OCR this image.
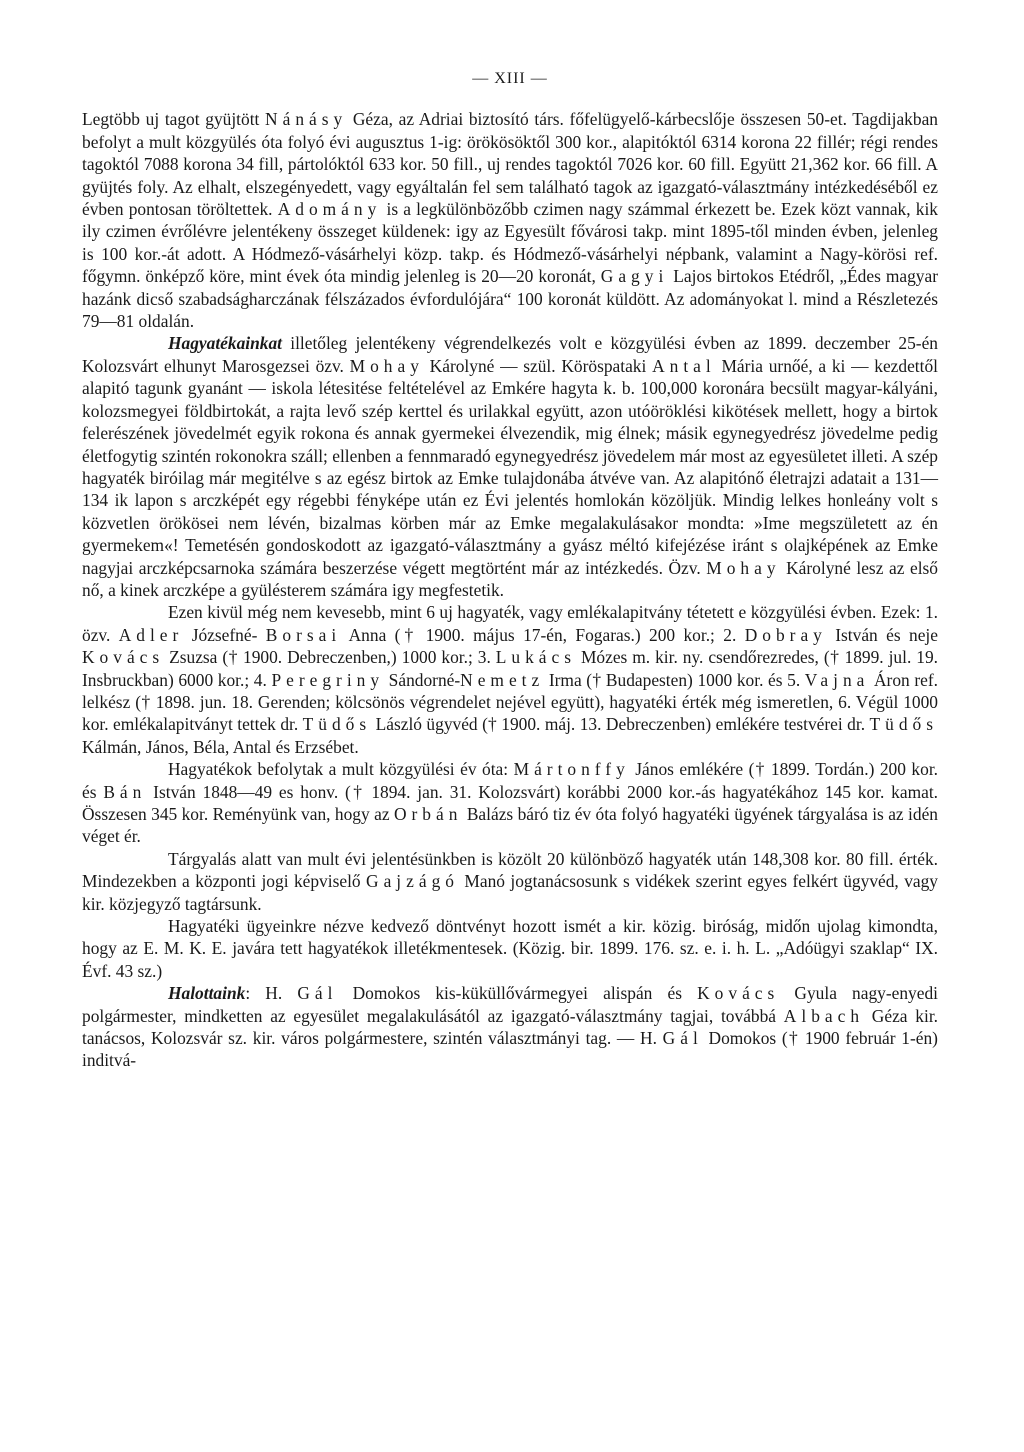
— XIII —

Legtöbb uj tagot gyüjtött Nánásy Géza, az Adriai biztosító társ. főfelügyelő-kárbecslője összesen 50-et. Tagdijakban befolyt a mult közgyülés óta folyó évi augusztus 1-ig: örökösöktől 300 kor., alapitóktól 6314 korona 22 fillér; régi rendes tagoktól 7088 korona 34 fill, pártolóktól 633 kor. 50 fill., uj rendes tagoktól 7026 kor. 60 fill. Együtt 21,362 kor. 66 fill. A gyüjtés foly. Az elhalt, elszegényedett, vagy egyáltalán fel sem található tagok az igazgató-választmány intézkedéséből ez évben pontosan töröltettek. Adomány is a legkülönbözőbb czimen nagy számmal érkezett be. Ezek közt vannak, kik ily czimen évrőlévre jelentékeny összeget küldenek: igy az Egyesült fővárosi takp. mint 1895-től minden évben, jelenleg is 100 kor.-át adott. A Hódmező-vásárhelyi közp. takp. és Hódmező-vásárhelyi népbank, valamint a Nagy-körösi ref. főgymn. önképző köre, mint évek óta mindig jelenleg is 20—20 koronát, Gagyi Lajos birtokos Etédről, „Édes magyar hazánk dicső szabadságharczának félszázados évfordulójára“ 100 koronát küldött. Az adományokat l. mind a Részletezés 79—81 oldalán.

Hagyatékainkat illetőleg jelentékeny végrendelkezés volt e közgyülési évben az 1899. deczember 25-én Kolozsvárt elhunyt Marosgezsei özv. Mohay Károlyné — szül. Köröspataki Antal Mária urnőé, a ki — kezdettől alapitó tagunk gyanánt — iskola létesitése feltételével az Emkére hagyta k. b. 100,000 koronára becsült magyar-kályáni, kolozsmegyei földbirtokát, a rajta levő szép kerttel és urilakkal együtt, azon utóöröklési kikötések mellett, hogy a birtok felerészének jövedelmét egyik rokona és annak gyermekei élvezendik, mig élnek; másik egynegyedrész jövedelme pedig életfogytig szintén rokonokra száll; ellenben a fennmaradó egynegyedrész jövedelem már most az egyesületet illeti. A szép hagyaték biróilag már megitélve s az egész birtok az Emke tulajdonába átvéve van. Az alapitónő életrajzi adatait a 131—134 ik lapon s arczképét egy régebbi fényképe után ez Évi jelentés homlokán közöljük. Mindig lelkes honleány volt s közvetlen örökösei nem lévén, bizalmas körben már az Emke megalakulásakor mondta: »Ime megszületett az én gyermekem«! Temetésén gondoskodott az igazgató-választmány a gyász méltó kifejézése iránt s olajképének az Emke nagyjai arczképcsarnoka számára beszerzése végett megtörtént már az intézkedés. Özv. Mohay Károlyné lesz az első nő, a kinek arczképe a gyülésterem számára igy megfestetik.

Ezen kivül még nem kevesebb, mint 6 uj hagyaték, vagy emlékalapitvány tétetett e közgyülési évben. Ezek: 1. özv. Adler Józsefné- Borsai Anna († 1900. május 17-én, Fogaras.) 200 kor.; 2. Dobray István és neje Kovács Zsuzsa († 1900. Debreczenben,) 1000 kor.; 3. Lukács Mózes m. kir. ny. csendőrezredes, († 1899. jul. 19. Insbruckban) 6000 kor.; 4. Peregriny Sándorné-Nemetz Irma († Budapesten) 1000 kor. és 5. Vajna Áron ref. lelkész († 1898. jun. 18. Gerenden; kölcsönös végrendelet nejével együtt), hagyatéki érték még ismeretlen, 6. Végül 1000 kor. emlékalapitványt tettek dr. Tüdős László ügyvéd († 1900. máj. 13. Debreczenben) emlékére testvérei dr. Tüdős Kálmán, János, Béla, Antal és Erzsébet.

Hagyatékok befolytak a mult közgyülési év óta: Mártonffy János emlékére († 1899. Tordán.) 200 kor. és Bán István 1848—49 es honv. († 1894. jan. 31. Kolozsvárt) korábbi 2000 kor.-ás hagyatékához 145 kor. kamat. Összesen 345 kor. Reményünk van, hogy az Orbán Balázs báró tiz év óta folyó hagyatéki ügyének tárgyalása is az idén véget ér.

Tárgyalás alatt van mult évi jelentésünkben is közölt 20 különböző hagyaték után 148,308 kor. 80 fill. érték. Mindezekben a központi jogi képviselő Gajzágó Manó jogtanácsosunk s vidékek szerint egyes felkért ügyvéd, vagy kir. közjegyző tagtársunk.

Hagyatéki ügyeinkre nézve kedvező döntvényt hozott ismét a kir. közig. biróság, midőn ujolag kimondta, hogy az E. M. K. E. javára tett hagyatékok illetékmentesek. (Közig. bir. 1899. 176. sz. e. i. h. L. „Adóügyi szaklap“ IX. Évf. 43 sz.)

Halottaink: H. Gál Domokos kis-küküllővármegyei alispán és Kovács Gyula nagy-enyedi polgármester, mindketten az egyesület megalakulásától az igazgató-választmány tagjai, továbbá Albach Géza kir. tanácsos, Kolozsvár sz. kir. város polgármestere, szintén választmányi tag. — H. Gál Domokos († 1900 február 1-én) inditvá-
